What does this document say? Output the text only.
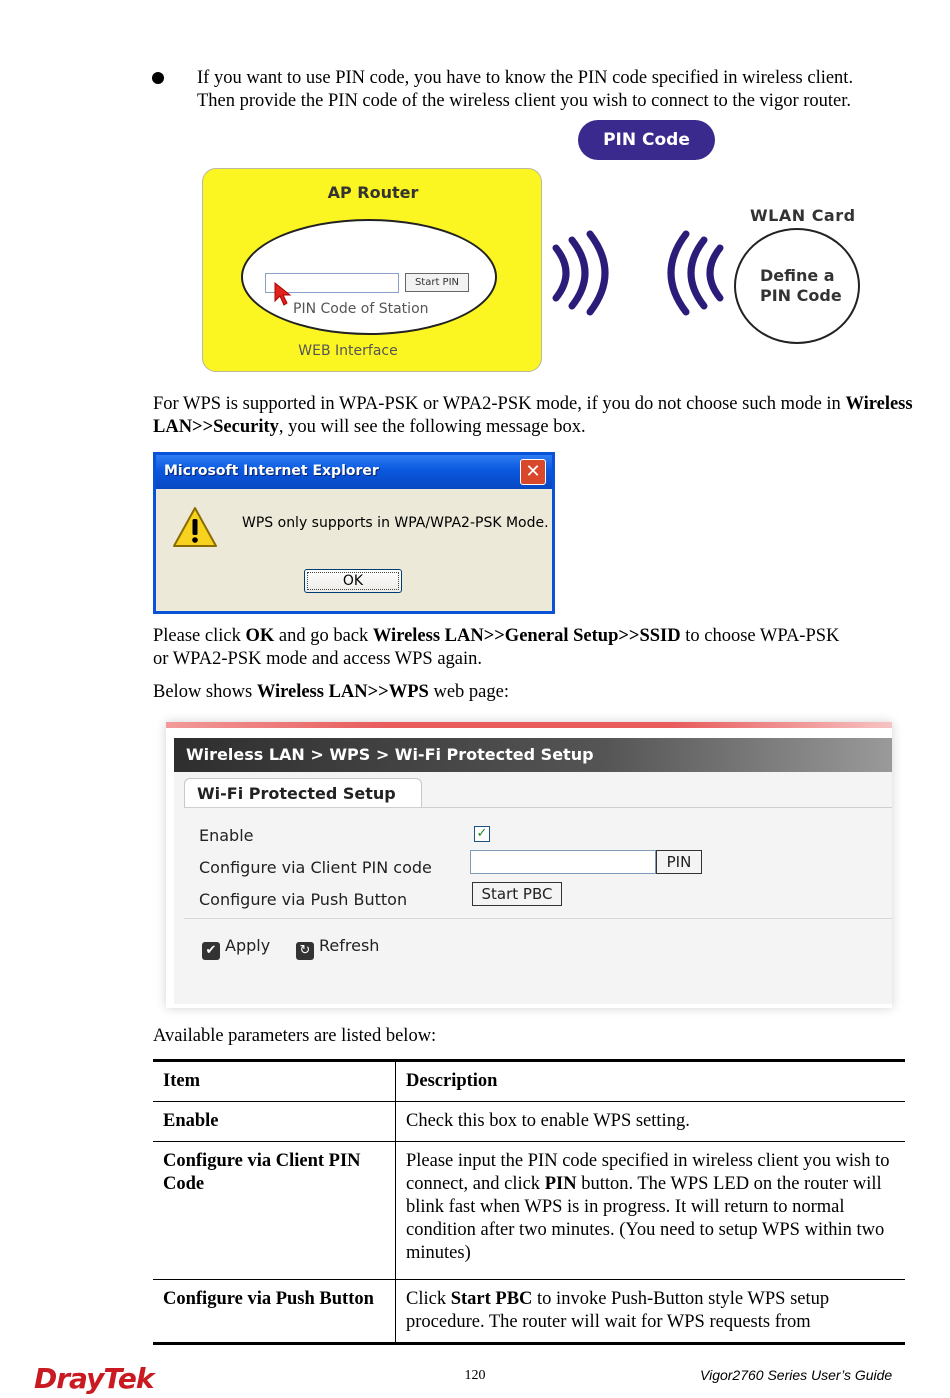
If you want to use PIN code, you have to know the PIN code specified in wireless client.
Then provide the PIN code of the wireless client you wish to connect to the vigor router.
PIN Code
AP Router
Start PIN
PIN Code of Station
WEB Interface
WLAN Card
Define a
PIN Code
For WPS is supported in WPA-PSK or WPA2-PSK mode, if you do not choose such mode in Wireless LAN>>Security, you will see the following message box.
Microsoft Internet Explorer	✕
WPS only supports in WPA/WPA2-PSK Mode.
OK
Please click OK and go back Wireless LAN>>General Setup>>SSID to choose WPA-PSK
or WPA2-PSK mode and access WPS again.
Below shows Wireless LAN>>WPS web page:
Wireless LAN > WPS > Wi-Fi Protected Setup
Wi-Fi Protected Setup
Enable	✓
Configure via Client PIN code	PIN
Configure via Push Button	Start PBC
✔ Apply ↻ Refresh
Available parameters are listed below:
Item	Description
Enable	Check this box to enable WPS setting.
Configure via Client PIN Code	Please input the PIN code specified in wireless client you wish to connect, and click PIN button. The WPS LED on the router will blink fast when WPS is in progress. It will return to normal condition after two minutes. (You need to setup WPS within two minutes)
Configure via Push Button	Click Start PBC to invoke Push-Button style WPS setup procedure. The router will wait for WPS requests from
DrayTek	120	Vigor2760 Series User’s Guide
